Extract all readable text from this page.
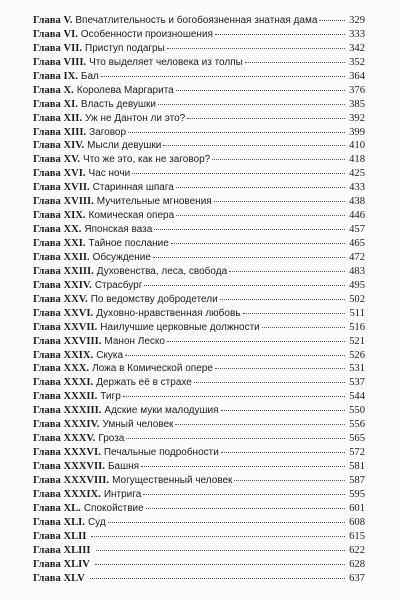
Глава V. Впечатлительность и богобоязненная знатная дама	329
Глава VI. Особенности произношения	333
Глава VII. Приступ подагры	342
Глава VIII. Что выделяет человека из толпы	352
Глава IX. Бал	364
Глава X. Королева Маргарита	376
Глава XI. Власть девушки	385
Глава XII. Уж не Дантон ли это?	392
Глава XIII. Заговор	399
Глава XIV. Мысли девушки	410
Глава XV. Что же это, как не заговор?	418
Глава XVI. Час ночи	425
Глава XVII. Старинная шпага	433
Глава XVIII. Мучительные мгновения	438
Глава XIX. Комическая опера	446
Глава XX. Японская ваза	457
Глава XXI. Тайное послание	465
Глава XXII. Обсуждение	472
Глава XXIII. Духовенства, леса, свобода	483
Глава XXIV. Страсбург	495
Глава XXV. По ведомству добродетели	502
Глава XXVI. Духовно-нравственная любовь	511
Глава XXVII. Наилучшие церковные должности	516
Глава XXVIII. Манон Леско	521
Глава XXIX. Скука	526
Глава XXX. Ложа в Комической опере	531
Глава XXXI. Держать её в страхе	537
Глава XXXII. Тигр	544
Глава XXXIII. Адские муки малодушия	550
Глава XXXIV. Умный человек	556
Глава XXXV. Гроза	565
Глава XXXVI. Печальные подробности	572
Глава XXXVII. Башня	581
Глава XXXVIII. Могущественный человек	587
Глава XXXIX. Интрига	595
Глава XL. Спокойствие	601
Глава XLI. Суд	608
Глава XLII	615
Глава XLIII	622
Глава XLIV	628
Глава XLV	637
